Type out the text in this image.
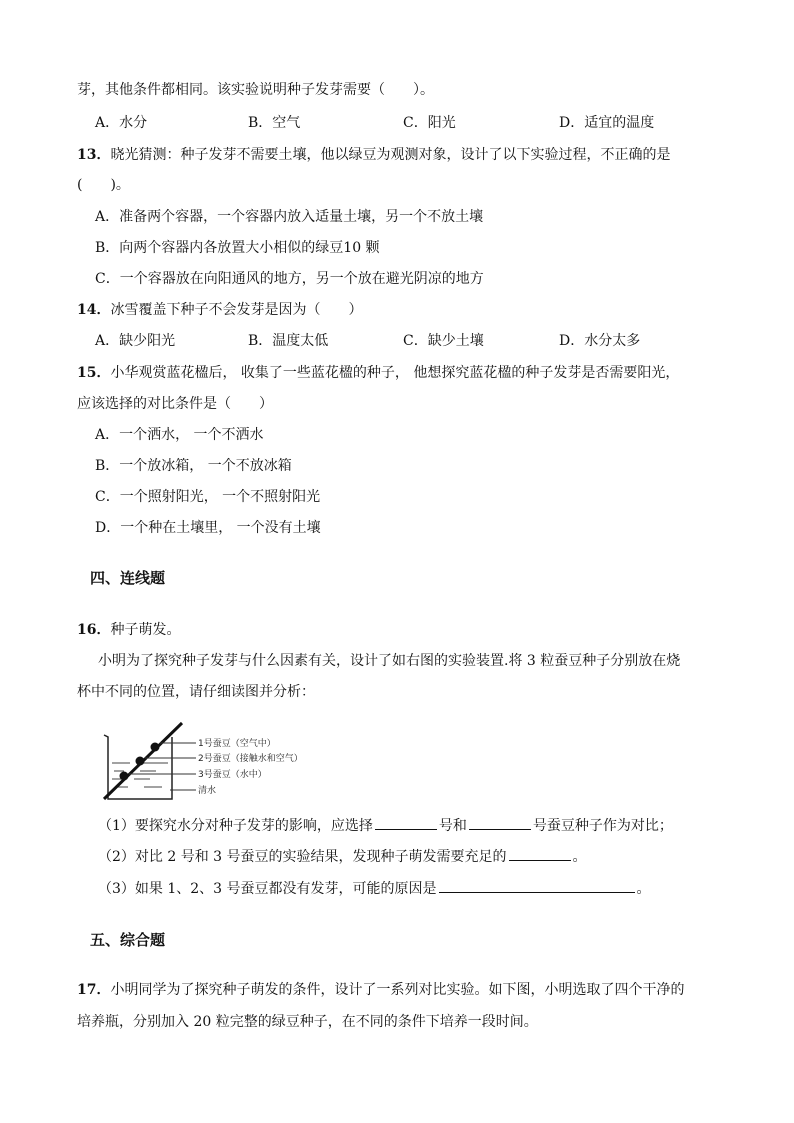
芽，其他条件都相同。该实验说明种子发芽需要（　　）。
A．水分	B．空气	C．阳光	D．适宜的温度
13．晓光猜测：种子发芽不需要土壤，他以绿豆为观测对象，设计了以下实验过程，不正确的是
(　　)。
A．准备两个容器，一个容器内放入适量土壤，另一个不放土壤
B．向两个容器内各放置大小相似的绿豆10 颗
C．一个容器放在向阳通风的地方，另一个放在避光阴凉的地方
14．冰雪覆盖下种子不会发芽是因为（　　）
A．缺少阳光	B．温度太低	C．缺少土壤	D．水分太多
15．小华观赏蓝花楹后， 收集了一些蓝花楹的种子， 他想探究蓝花楹的种子发芽是否需要阳光，
应该选择的对比条件是（　　）
A．一个洒水， 一个不洒水
B．一个放冰箱， 一个不放冰箱
C．一个照射阳光， 一个不照射阳光
D．一个种在土壤里， 一个没有土壤
四、连线题
16．种子萌发。
小明为了探究种子发芽与什么因素有关，设计了如右图的实验装置.将 3 粒蚕豆种子分别放在烧
杯中不同的位置，请仔细读图并分析：
1号蚕豆（空气中）
2号蚕豆（接触水和空气）
3号蚕豆（水中）
清水
（1）要探究水分对种子发芽的影响，应选择	号和	号蚕豆种子作为对比；
（2）对比 2 号和 3 号蚕豆的实验结果，发现种子萌发需要充足的	。
（3）如果 1、2、3 号蚕豆都没有发芽，可能的原因是	。
五、综合题
17．小明同学为了探究种子萌发的条件，设计了一系列对比实验。如下图，小明选取了四个干净的
培养瓶，分别加入 20 粒完整的绿豆种子，在不同的条件下培养一段时间。
